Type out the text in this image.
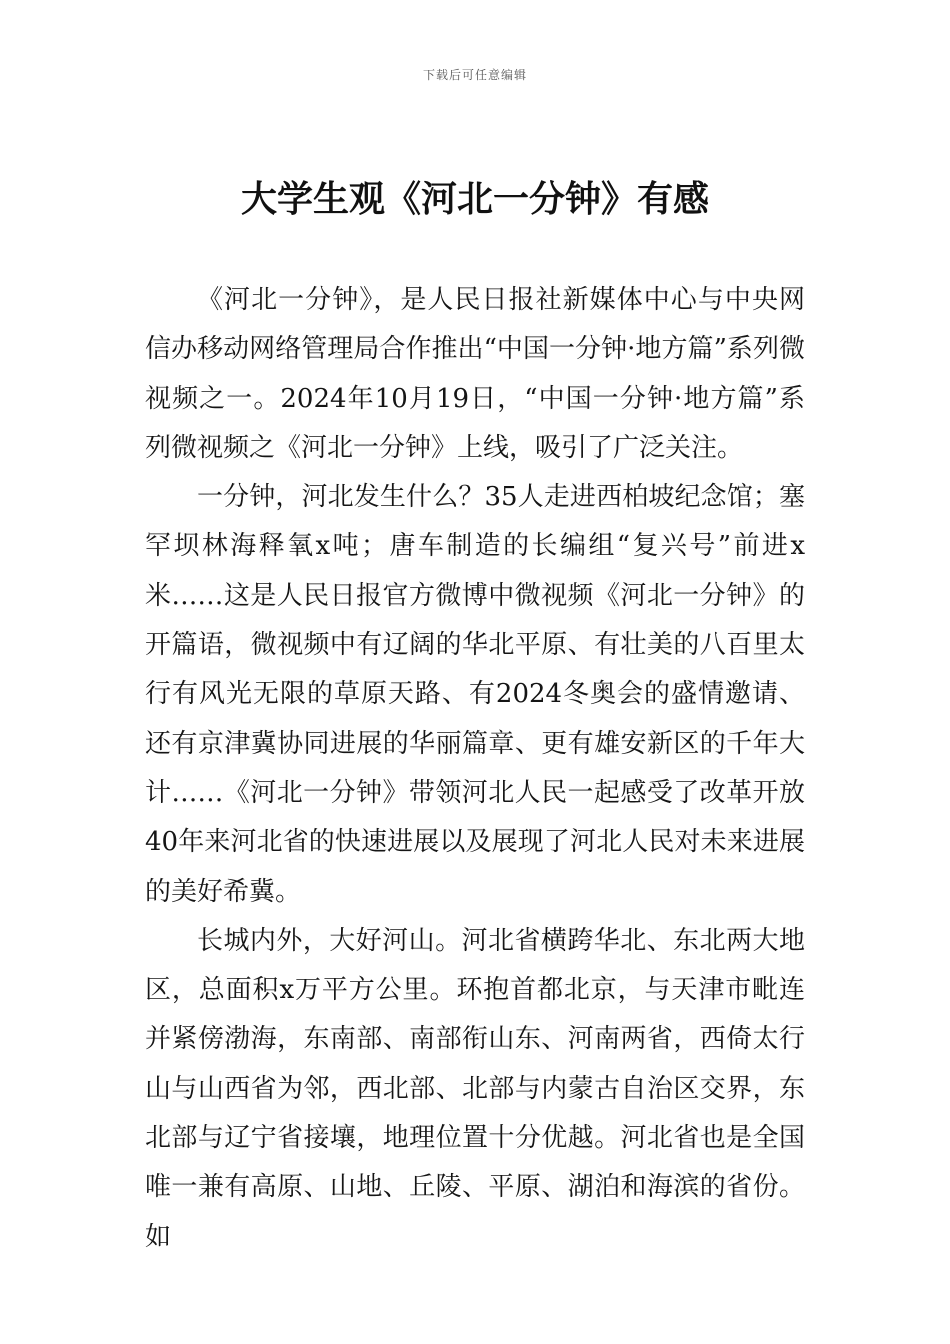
下载后可任意编辑
大学生观《河北一分钟》有感

《河北一分钟》，是人民日报社新媒体中心与中央网信办移动网络管理局合作推出“中国一分钟·地方篇”系列微视频之一。2024年10月19日，“中国一分钟·地方篇”系列微视频之《河北一分钟》上线，吸引了广泛关注。

一分钟，河北发生什么？35人走进西柏坡纪念馆；塞罕坝林海释氧x吨；唐车制造的长编组“复兴号”前进x米……这是人民日报官方微博中微视频《河北一分钟》的开篇语，微视频中有辽阔的华北平原、有壮美的八百里太行有风光无限的草原天路、有2024冬奥会的盛情邀请、还有京津冀协同进展的华丽篇章、更有雄安新区的千年大计……《河北一分钟》带领河北人民一起感受了改革开放40年来河北省的快速进展以及展现了河北人民对未来进展的美好希冀。

长城内外，大好河山。河北省横跨华北、东北两大地区，总面积x万平方公里。环抱首都北京，与天津市毗连并紧傍渤海，东南部、南部衔山东、河南两省，西倚太行山与山西省为邻，西北部、北部与内蒙古自治区交界，东北部与辽宁省接壤，地理位置十分优越。河北省也是全国唯一兼有高原、山地、丘陵、平原、湖泊和海滨的省份。如
